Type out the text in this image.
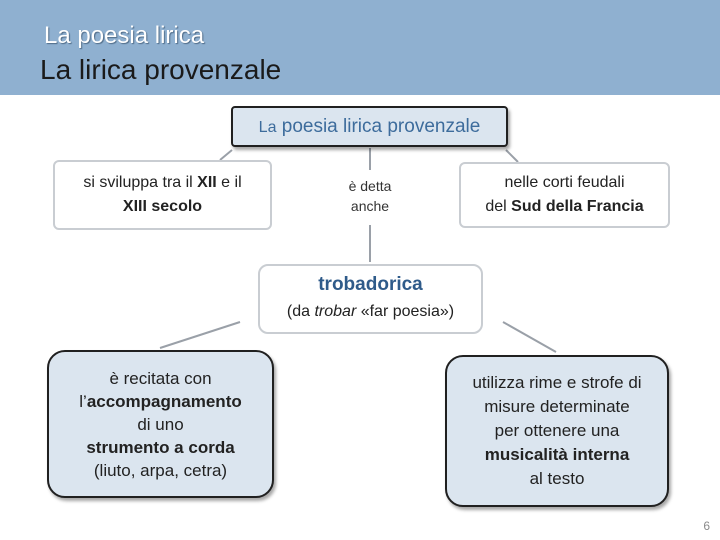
La poesia lirica
La lirica provenzale
La poesia lirica provenzale
si sviluppa tra il XII e il
XIII secolo
è detta
anche
nelle corti feudali
del Sud della Francia
trobadorica
(da trobar «far poesia»)
è recitata con
l’accompagnamento
di uno
strumento a corda
(liuto, arpa, cetra)
utilizza rime e strofe di
misure determinate
per ottenere una
musicalità interna
al testo
6
